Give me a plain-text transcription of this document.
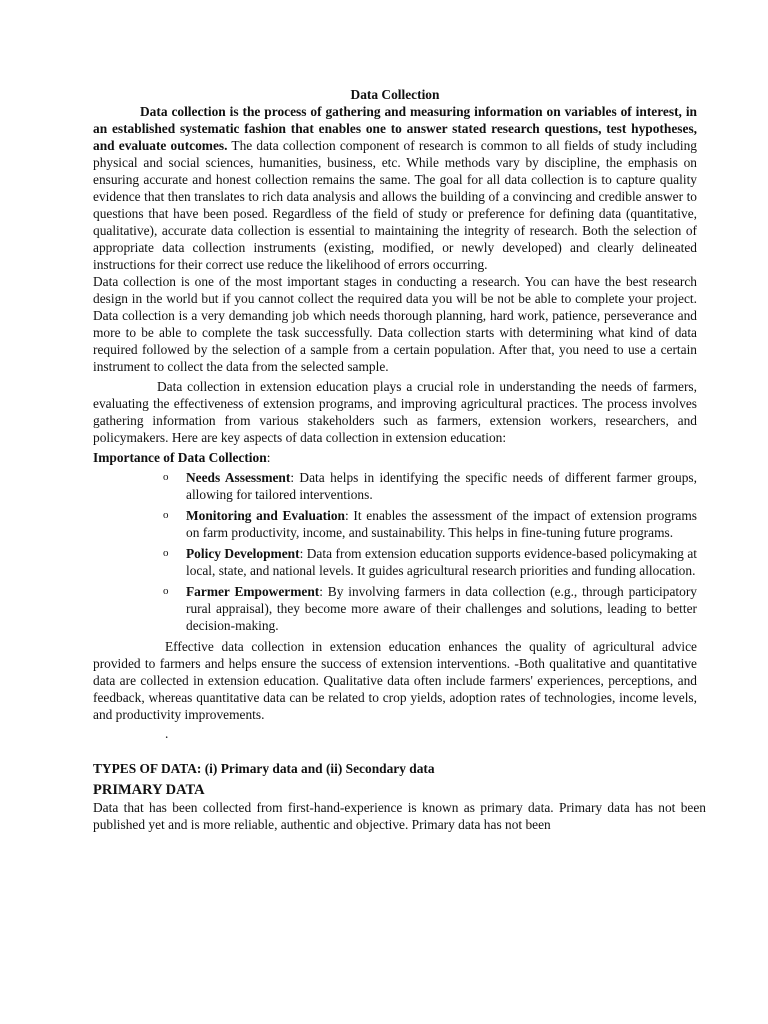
Data Collection

Data collection is the process of gathering and measuring information on variables of interest, in an established systematic fashion that enables one to answer stated research questions, test hypotheses, and evaluate outcomes. The data collection component of research is common to all fields of study including physical and social sciences, humanities, business, etc. While methods vary by discipline, the emphasis on ensuring accurate and honest collection remains the same. The goal for all data collection is to capture quality evidence that then translates to rich data analysis and allows the building of a convincing and credible answer to questions that have been posed. Regardless of the field of study or preference for defining data (quantitative, qualitative), accurate data collection is essential to maintaining the integrity of research. Both the selection of appropriate data collection instruments (existing, modified, or newly developed) and clearly delineated instructions for their correct use reduce the likelihood of errors occurring.

Data collection is one of the most important stages in conducting a research. You can have the best research design in the world but if you cannot collect the required data you will be not be able to complete your project. Data collection is a very demanding job which needs thorough planning, hard work, patience, perseverance and more to be able to complete the task successfully. Data collection starts with determining what kind of data required followed by the selection of a sample from a certain population. After that, you need to use a certain instrument to collect the data from the selected sample.

Data collection in extension education plays a crucial role in understanding the needs of farmers, evaluating the effectiveness of extension programs, and improving agricultural practices. The process involves gathering information from various stakeholders such as farmers, extension workers, researchers, and policymakers. Here are key aspects of data collection in extension education:

Importance of Data Collection:

o Needs Assessment: Data helps in identifying the specific needs of different farmer groups, allowing for tailored interventions.
o Monitoring and Evaluation: It enables the assessment of the impact of extension programs on farm productivity, income, and sustainability. This helps in fine-tuning future programs.
o Policy Development: Data from extension education supports evidence-based policymaking at local, state, and national levels. It guides agricultural research priorities and funding allocation.
o Farmer Empowerment: By involving farmers in data collection (e.g., through participatory rural appraisal), they become more aware of their challenges and solutions, leading to better decision-making.

Effective data collection in extension education enhances the quality of agricultural advice provided to farmers and helps ensure the success of extension interventions. -Both qualitative and quantitative data are collected in extension education. Qualitative data often include farmers' experiences, perceptions, and feedback, whereas quantitative data can be related to crop yields, adoption rates of technologies, income levels, and productivity improvements.

.

TYPES OF DATA: (i) Primary data and (ii) Secondary data

PRIMARY DATA

Data that has been collected from first-hand-experience is known as primary data. Primary data has not been published yet and is more reliable, authentic and objective. Primary data has not been
